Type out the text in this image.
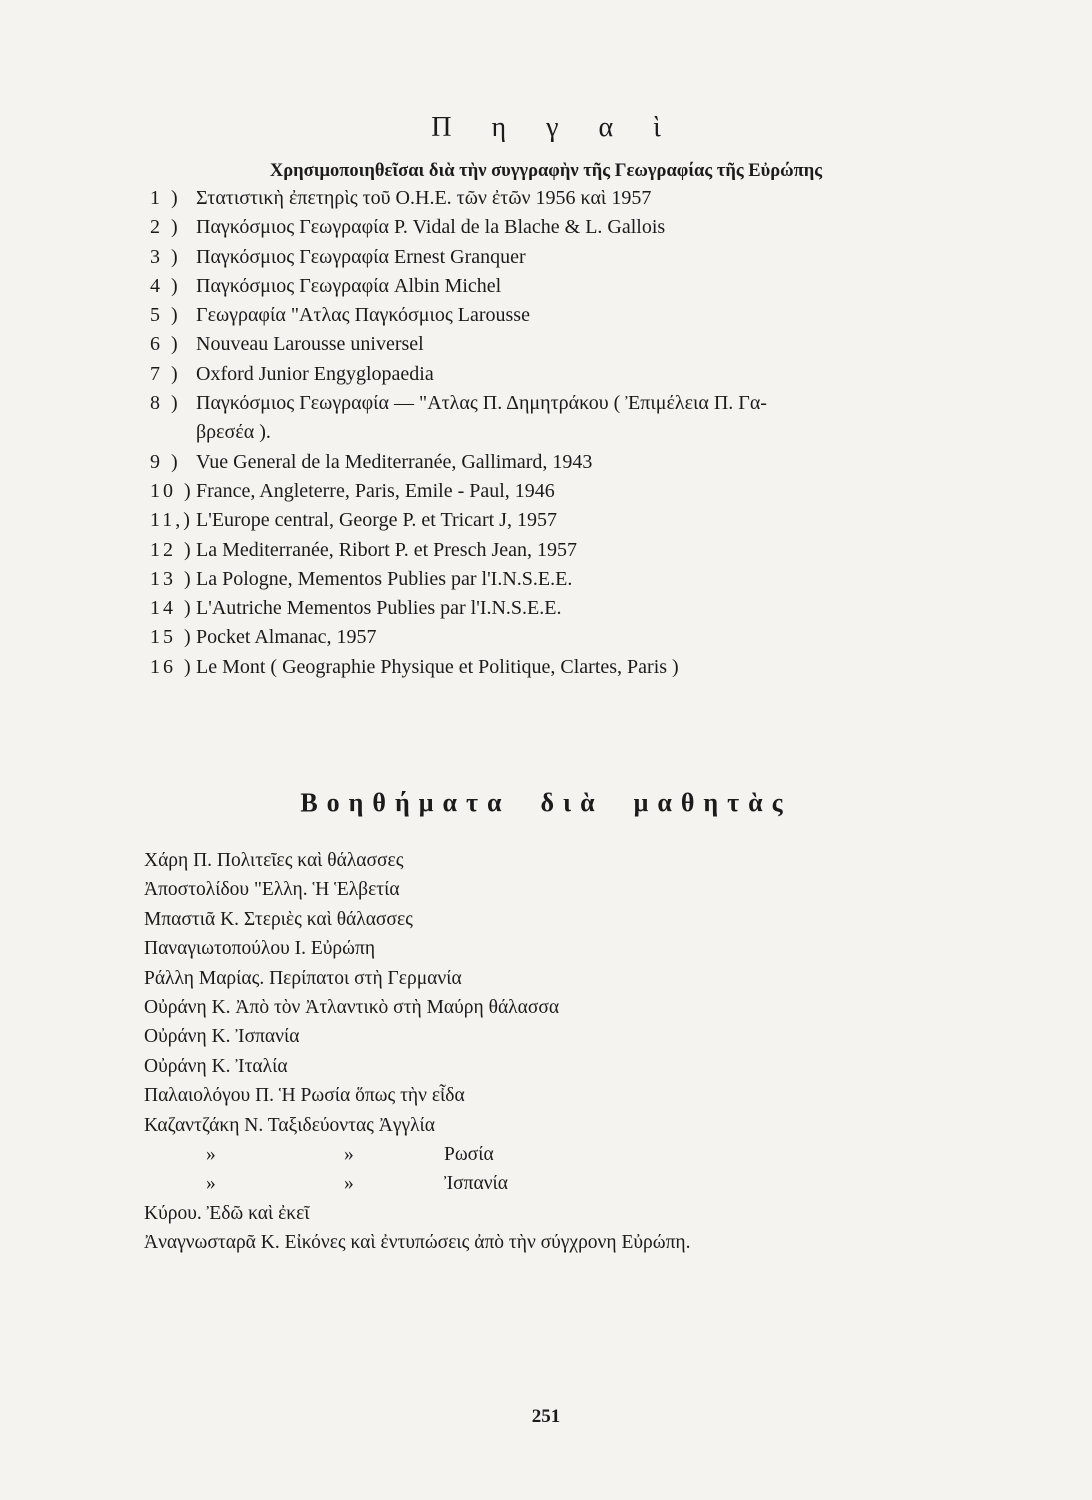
Π η γ α ὶ
Χρησιμοποιηθεῖσαι διὰ τὴν συγγραφὴν τῆς Γεωγραφίας τῆς Εὐρώπης
1 ) Στατιστικὴ ἐπετηρὶς τοῦ Ο.Η.Ε. τῶν ἐτῶν 1956 καὶ 1957
2 ) Παγκόσμιος Γεωγραφία P. Vidal de la Blache & L. Gallois
3 ) Παγκόσμιος Γεωγραφία Ernest Granquer
4 ) Παγκόσμιος Γεωγραφία Albin Michel
5 ) Γεωγραφία "Ατλας Παγκόσμιος Larousse
6 ) Nouveau Larousse universel
7 ) Oxford Junior Engyglopaedia
8 ) Παγκόσμιος Γεωγραφία — "Ατλας Π. Δημητράκου ( Ἐπιμέλεια Π. Γα-
βρεσέα ).
9 ) Vue General de la Mediterranée, Gallimard, 1943
10 ) France, Angleterre, Paris, Emile - Paul, 1946
11,) L'Europe central, George P. et Tricart J, 1957
12 ) La Mediterranée, Ribort P. et Presch Jean, 1957
13 ) La Pologne, Mementos Publies par l'I.N.S.E.E.
14 ) L'Autriche Mementos Publies par l'I.N.S.E.E.
15 ) Pocket Almanac, 1957
16 ) Le Mont ( Geographie Physique et Politique, Clartes, Paris )
Βοηθήματα διὰ μαθητὰς
Χάρη Π. Πολιτεῖες καὶ θάλασσες
Ἀποστολίδου "Ελλη. Ἡ Ἑλβετία
Μπαστιᾶ Κ. Στεριὲς καὶ θάλασσες
Παναγιωτοπούλου Ι. Εὐρώπη
Ράλλη Μαρίας. Περίπατοι στὴ Γερμανία
Οὐράνη Κ. Ἀπὸ τὸν Ἀτλαντικὸ στὴ Μαύρη θάλασσα
Οὐράνη Κ. Ἰσπανία
Οὐράνη Κ. Ἰταλία
Παλαιολόγου Π. Ἡ Ρωσία ὅπως τὴν εἶδα
Καζαντζάκη Ν. Ταξιδεύοντας Ἀγγλία
»	»	Ρωσία
»	»	Ἰσπανία
Κύρου. Ἐδῶ καὶ ἐκεῖ
Ἀναγνωσταρᾶ Κ. Εἰκόνες καὶ ἐντυπώσεις ἀπὸ τὴν σύγχρονη Εὐρώπη.
251
